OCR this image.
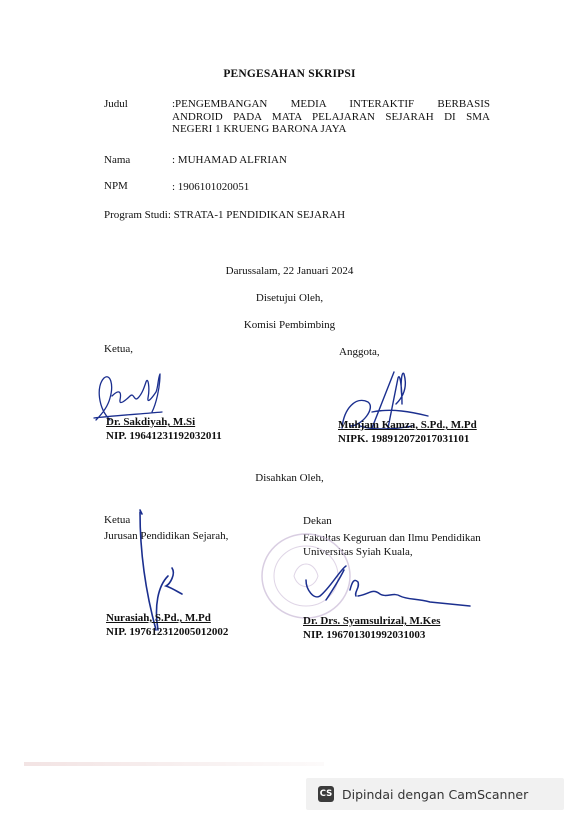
PENGESAHAN SKRIPSI
Judul	:PENGEMBANGAN MEDIA INTERAKTIF BERBASIS
ANDROID PADA MATA PELAJARAN SEJARAH DI SMA
NEGERI 1 KRUENG BARONA JAYA
Nama	: MUHAMAD ALFRIAN
NPM	: 1906101020051
Program Studi: STRATA-1 PENDIDIKAN SEJARAH
Darussalam, 22 Januari 2024
Disetujui Oleh,
Komisi Pembimbing
Ketua,	Anggota,
Dr. Sakdiyah, M.Si
NIP. 19641231192032011
Muhjam Kamza, S.Pd., M.Pd
NIPK. 198912072017031101
Disahkan Oleh,
Ketua
Jurusan Pendidikan Sejarah,
Dekan
Fakultas Keguruan dan Ilmu Pendidikan
Universitas Syiah Kuala,
Nurasiah, S.Pd., M.Pd
NIP. 197612312005012002
Dr. Drs. Syamsulrizal, M.Kes
NIP. 196701301992031003
CS Dipindai dengan CamScanner
